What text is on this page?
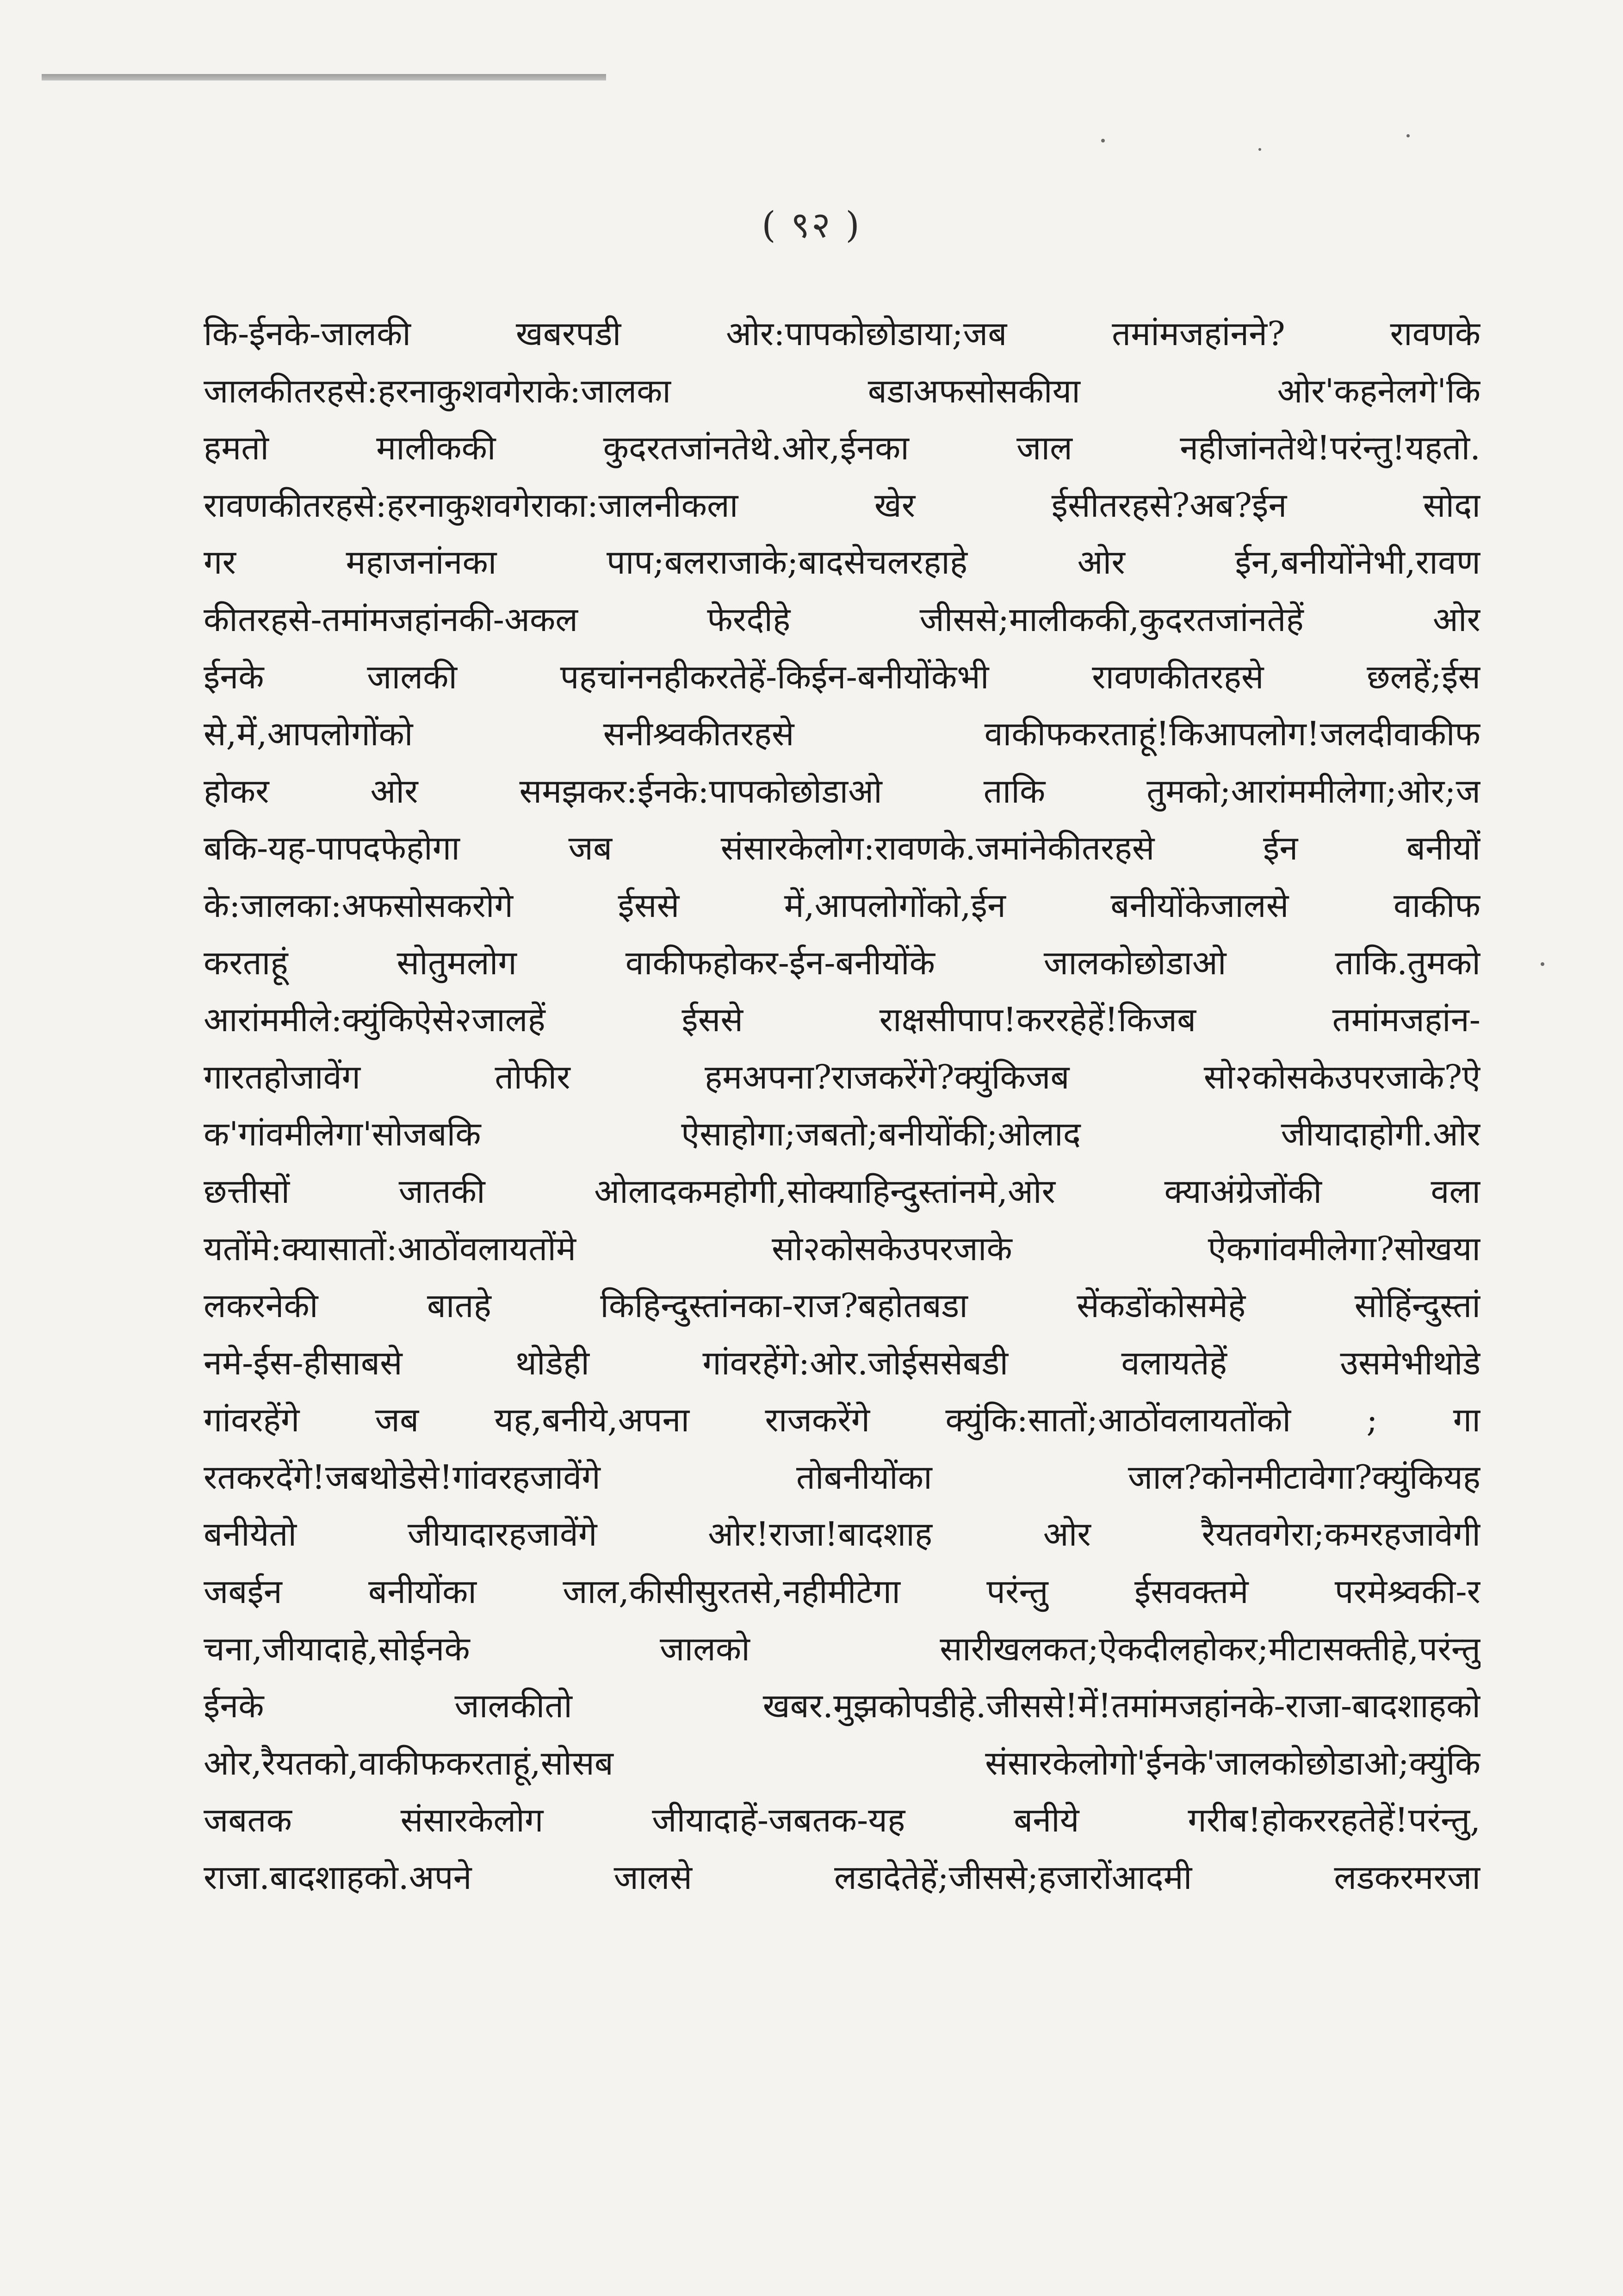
( ९२ )
कि-ईनके-जालकी खबरपडी ओर:पापकोछोडाया;जब तमांमजहांनने? रावणके
जालकीतरहसे:हरनाकुशवगेराके:जालका बडाअफसोसकीया ओर'कहनेलगे'कि
हमतो मालीककी कुदरतजांनतेथे.ओर,ईनका जाल नहीजांनतेथे!परंन्तु!यहतो.
रावणकीतरहसे:हरनाकुशवगेराका:जालनीकला खेर ईसीतरहसे?अब?ईन सोदा
गर महाजनांनका पाप;बलराजाके;बादसेचलरहाहे ओर ईन,बनीयोंनेभी,रावण
कीतरहसे-तमांमजहांनकी-अकल फेरदीहे जीससे;मालीककी,कुदरतजांनतेहें ओर
ईनके जालकी पहचांननहीकरतेहें-किईन-बनीयोंकेभी रावणकीतरहसे छलहें;ईस
से,में,आपलोगोंको सनीश्र्वकीतरहसे वाकीफकरताहूं!किआपलोग!जलदीवाकीफ
होकर ओर समझकर:ईनके:पापकोछोडाओ ताकि तुमको;आरांममीलेगा;ओर;ज
बकि-यह-पापदफेहोगा जब संसारकेलोग:रावणके.जमांनेकीतरहसे ईन बनीयों
के:जालका:अफसोसकरोगे ईससे में,आपलोगोंको,ईन बनीयोंकेजालसे वाकीफ
करताहूं सोतुमलोग वाकीफहोकर-ईन-बनीयोंके जालकोछोडाओ ताकि.तुमको
आरांममीले:क्युंकिऐसे२जालहें ईससे राक्षसीपाप!कररहेहें!किजब तमांमजहांन-
गारतहोजावेंग तोफीर हमअपना?राजकरेंगे?क्युंकिजब सो२कोसकेउपरजाके?ऐ
क'गांवमीलेगा'सोजबकि ऐसाहोगा;जबतो;बनीयोंकी;ओलाद जीयादाहोगी.ओर
छत्तीसों जातकी ओलादकमहोगी,सोक्याहिन्दुस्तांनमे,ओर क्याअंग्रेजोंकी वला
यतोंमे:क्यासातों:आठोंवलायतोंमे सो२कोसकेउपरजाके ऐकगांवमीलेगा?सोखया
लकरनेकी बातहे किहिन्दुस्तांनका-राज?बहोतबडा सेंकडोंकोसमेहे सोहिंन्दुस्तां
नमे-ईस-हीसाबसे थोडेही गांवरहेंगे:ओर.जोईससेबडी वलायतेहें उसमेभीथोडे
गांवरहेंगे जब यह,बनीये,अपना राजकरेंगे क्युंकि:सातों;आठोंवलायतोंको ; गा
रतकरदेंगे!जबथोडेसे!गांवरहजावेंगे तोबनीयोंका जाल?कोनमीटावेगा?क्युंकियह
बनीयेतो जीयादारहजावेंगे ओर!राजा!बादशाह ओर रैयतवगेरा;कमरहजावेगी
जबईन बनीयोंका जाल,कीसीसुरतसे,नहीमीटेगा परंन्तु ईसवक्तमे परमेश्र्वकी-र
चना,जीयादाहे,सोईनके जालको सारीखलकत;ऐकदीलहोकर;मीटासक्तीहे,परंन्तु
ईनके जालकीतो खबर.मुझकोपडीहे.जीससे!में!तमांमजहांनके-राजा-बादशाहको
ओर,रैयतको,वाकीफकरताहूं,सोसब संसारकेलोगो'ईनके'जालकोछोडाओ;क्युंकि
जबतक संसारकेलोग जीयादाहें-जबतक-यह बनीये गरीब!होकररहतेहें!परंन्तु,
राजा.बादशाहको.अपने जालसे लडादेतेहें;जीससे;हजारोंआदमी लडकरमरजा
